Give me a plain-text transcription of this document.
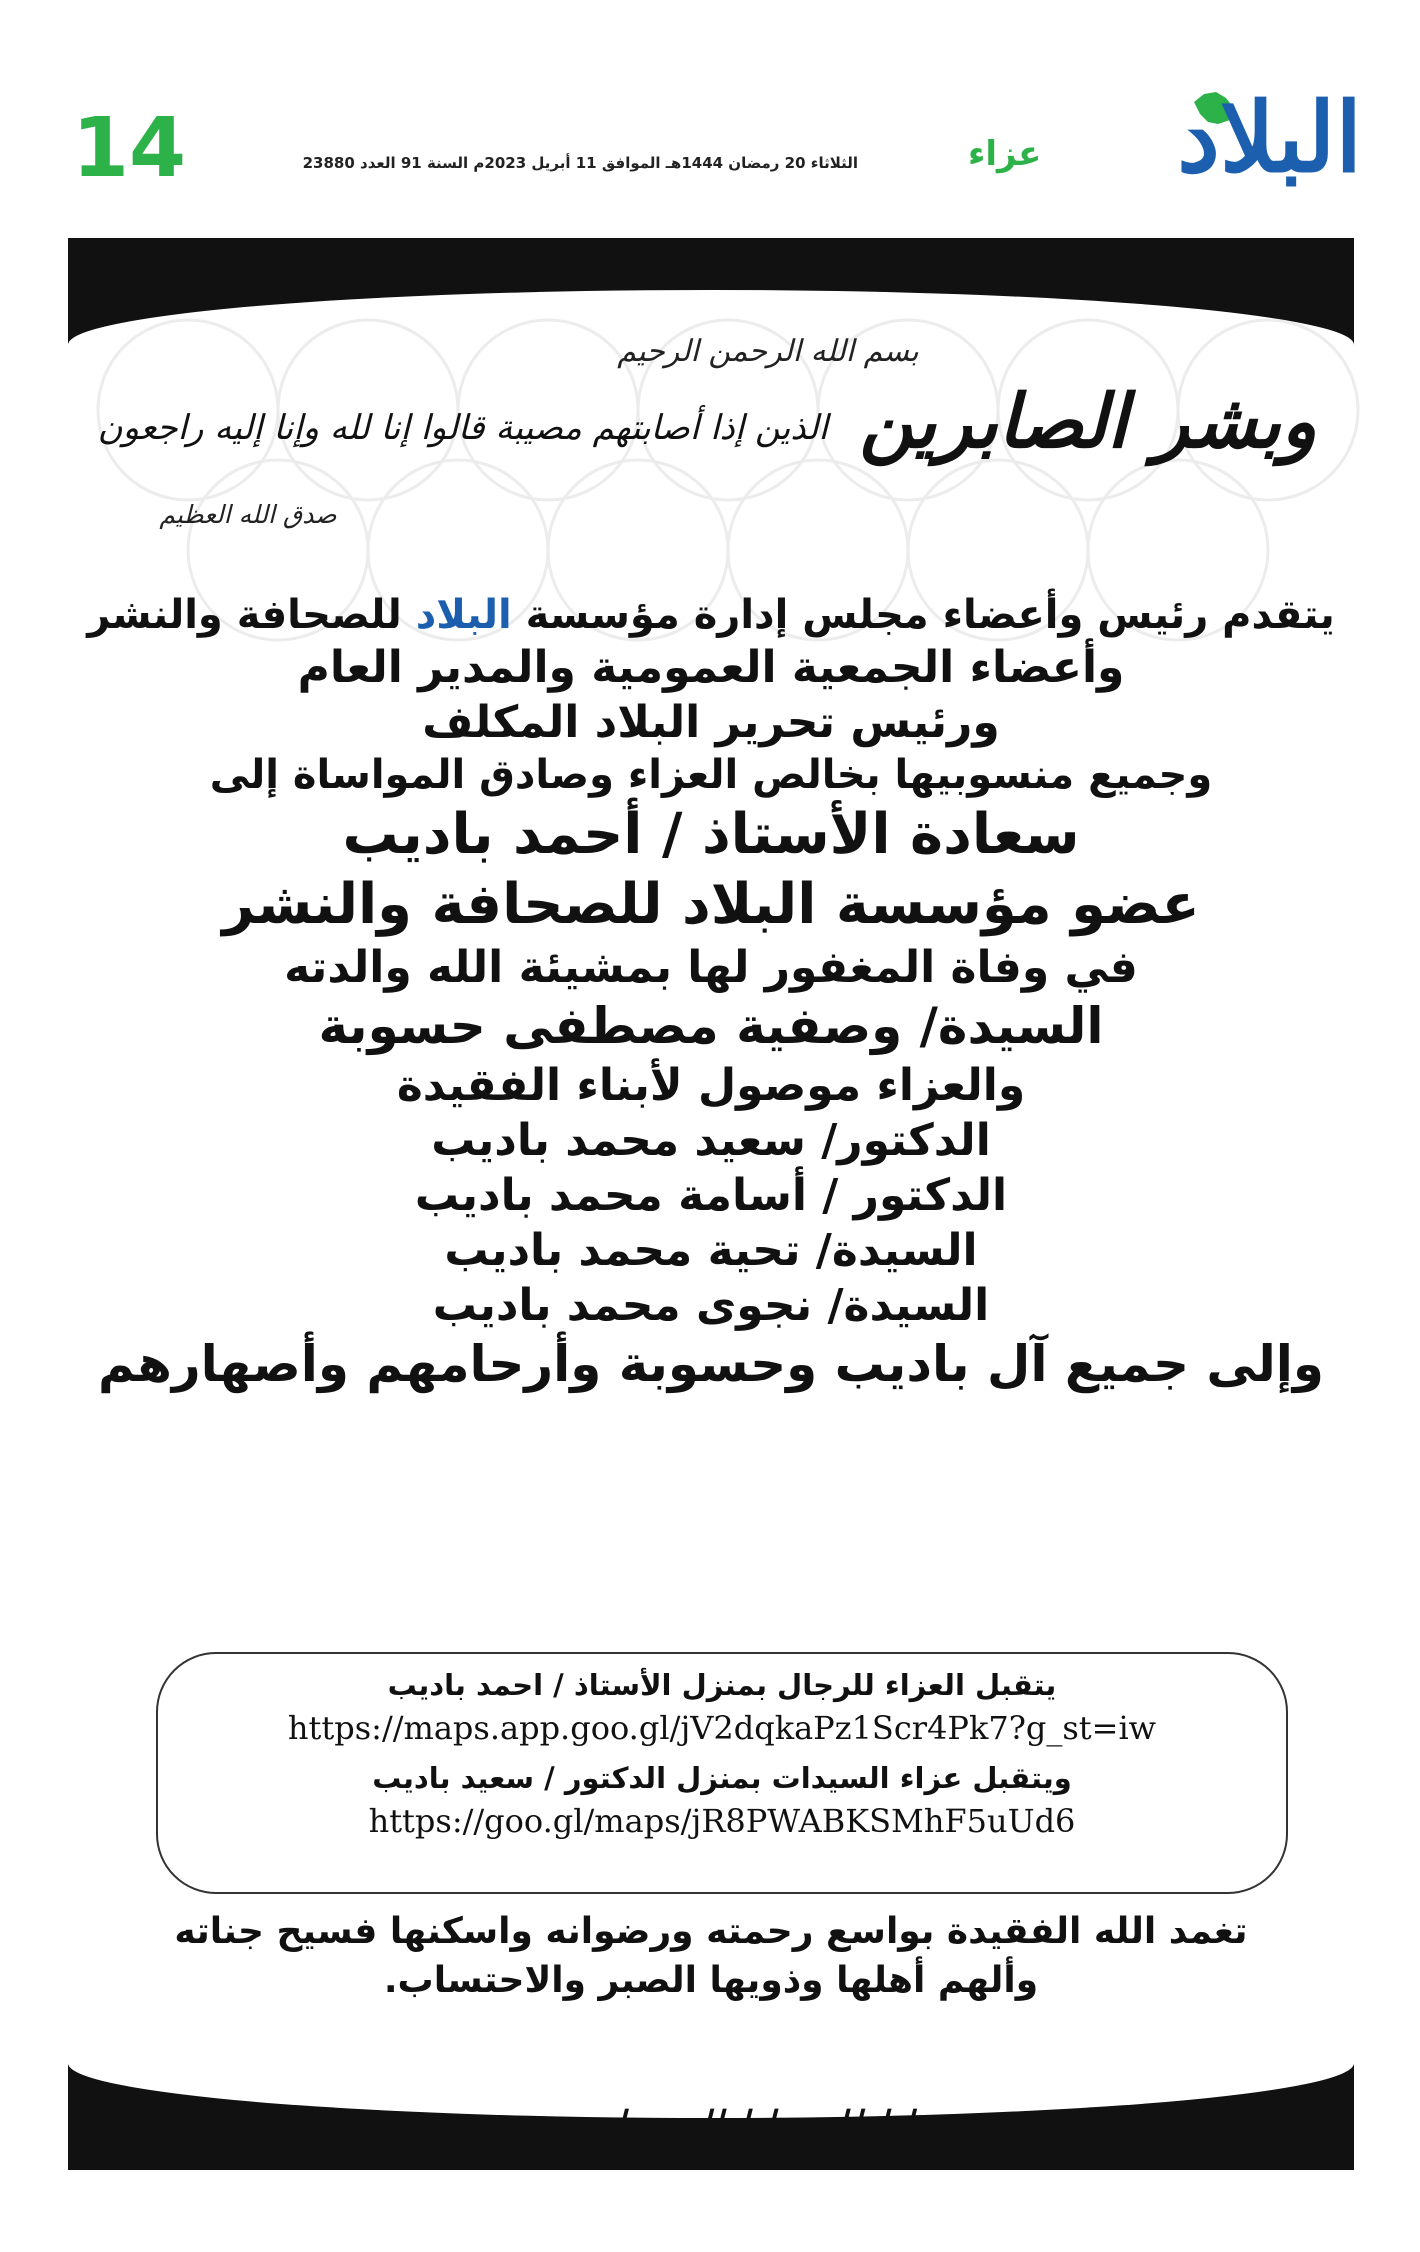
14	الثلاثاء 20 رمضان 1444هـ الموافق 11 أبريل 2023م السنة 91 العدد 23880	عزاء البلاد
بسم الله الرحمن الرحيم
وبشر الصابرين
الذين إذا أصابتهم مصيبة قالوا إنا لله وإنا إليه راجعون
صدق الله العظيم
يتقدم رئيس وأعضاء مجلس إدارة مؤسسة البلاد للصحافة والنشر
وأعضاء الجمعية العمومية والمدير العام
ورئيس تحرير البلاد المكلف
وجميع منسوبيها بخالص العزاء وصادق المواساة إلى
سعادة الأستاذ / أحمد باديب
عضو مؤسسة البلاد للصحافة والنشر
في وفاة المغفور لها بمشيئة الله والدته
السيدة/ وصفية مصطفى حسوبة
والعزاء موصول لأبناء الفقيدة
الدكتور/ سعيد محمد باديب
الدكتور / أسامة محمد باديب
السيدة/ تحية محمد باديب
السيدة/ نجوى محمد باديب
وإلى جميع آل باديب وحسوبة وأرحامهم وأصهارهم
يتقبل العزاء للرجال بمنزل الأستاذ / احمد باديب
https://maps.app.goo.gl/jV2dqkaPz1Scr4Pk7?g_st=iw
ويتقبل عزاء السيدات بمنزل الدكتور / سعيد باديب
https://goo.gl/maps/jR8PWABKSMhF5uUd6
تغمد الله الفقيدة بواسع رحمته ورضوانه واسكنها فسيح جناته
وألهم أهلها وذويها الصبر والاحتساب.
إنا لله وإنا إليه راجعون
